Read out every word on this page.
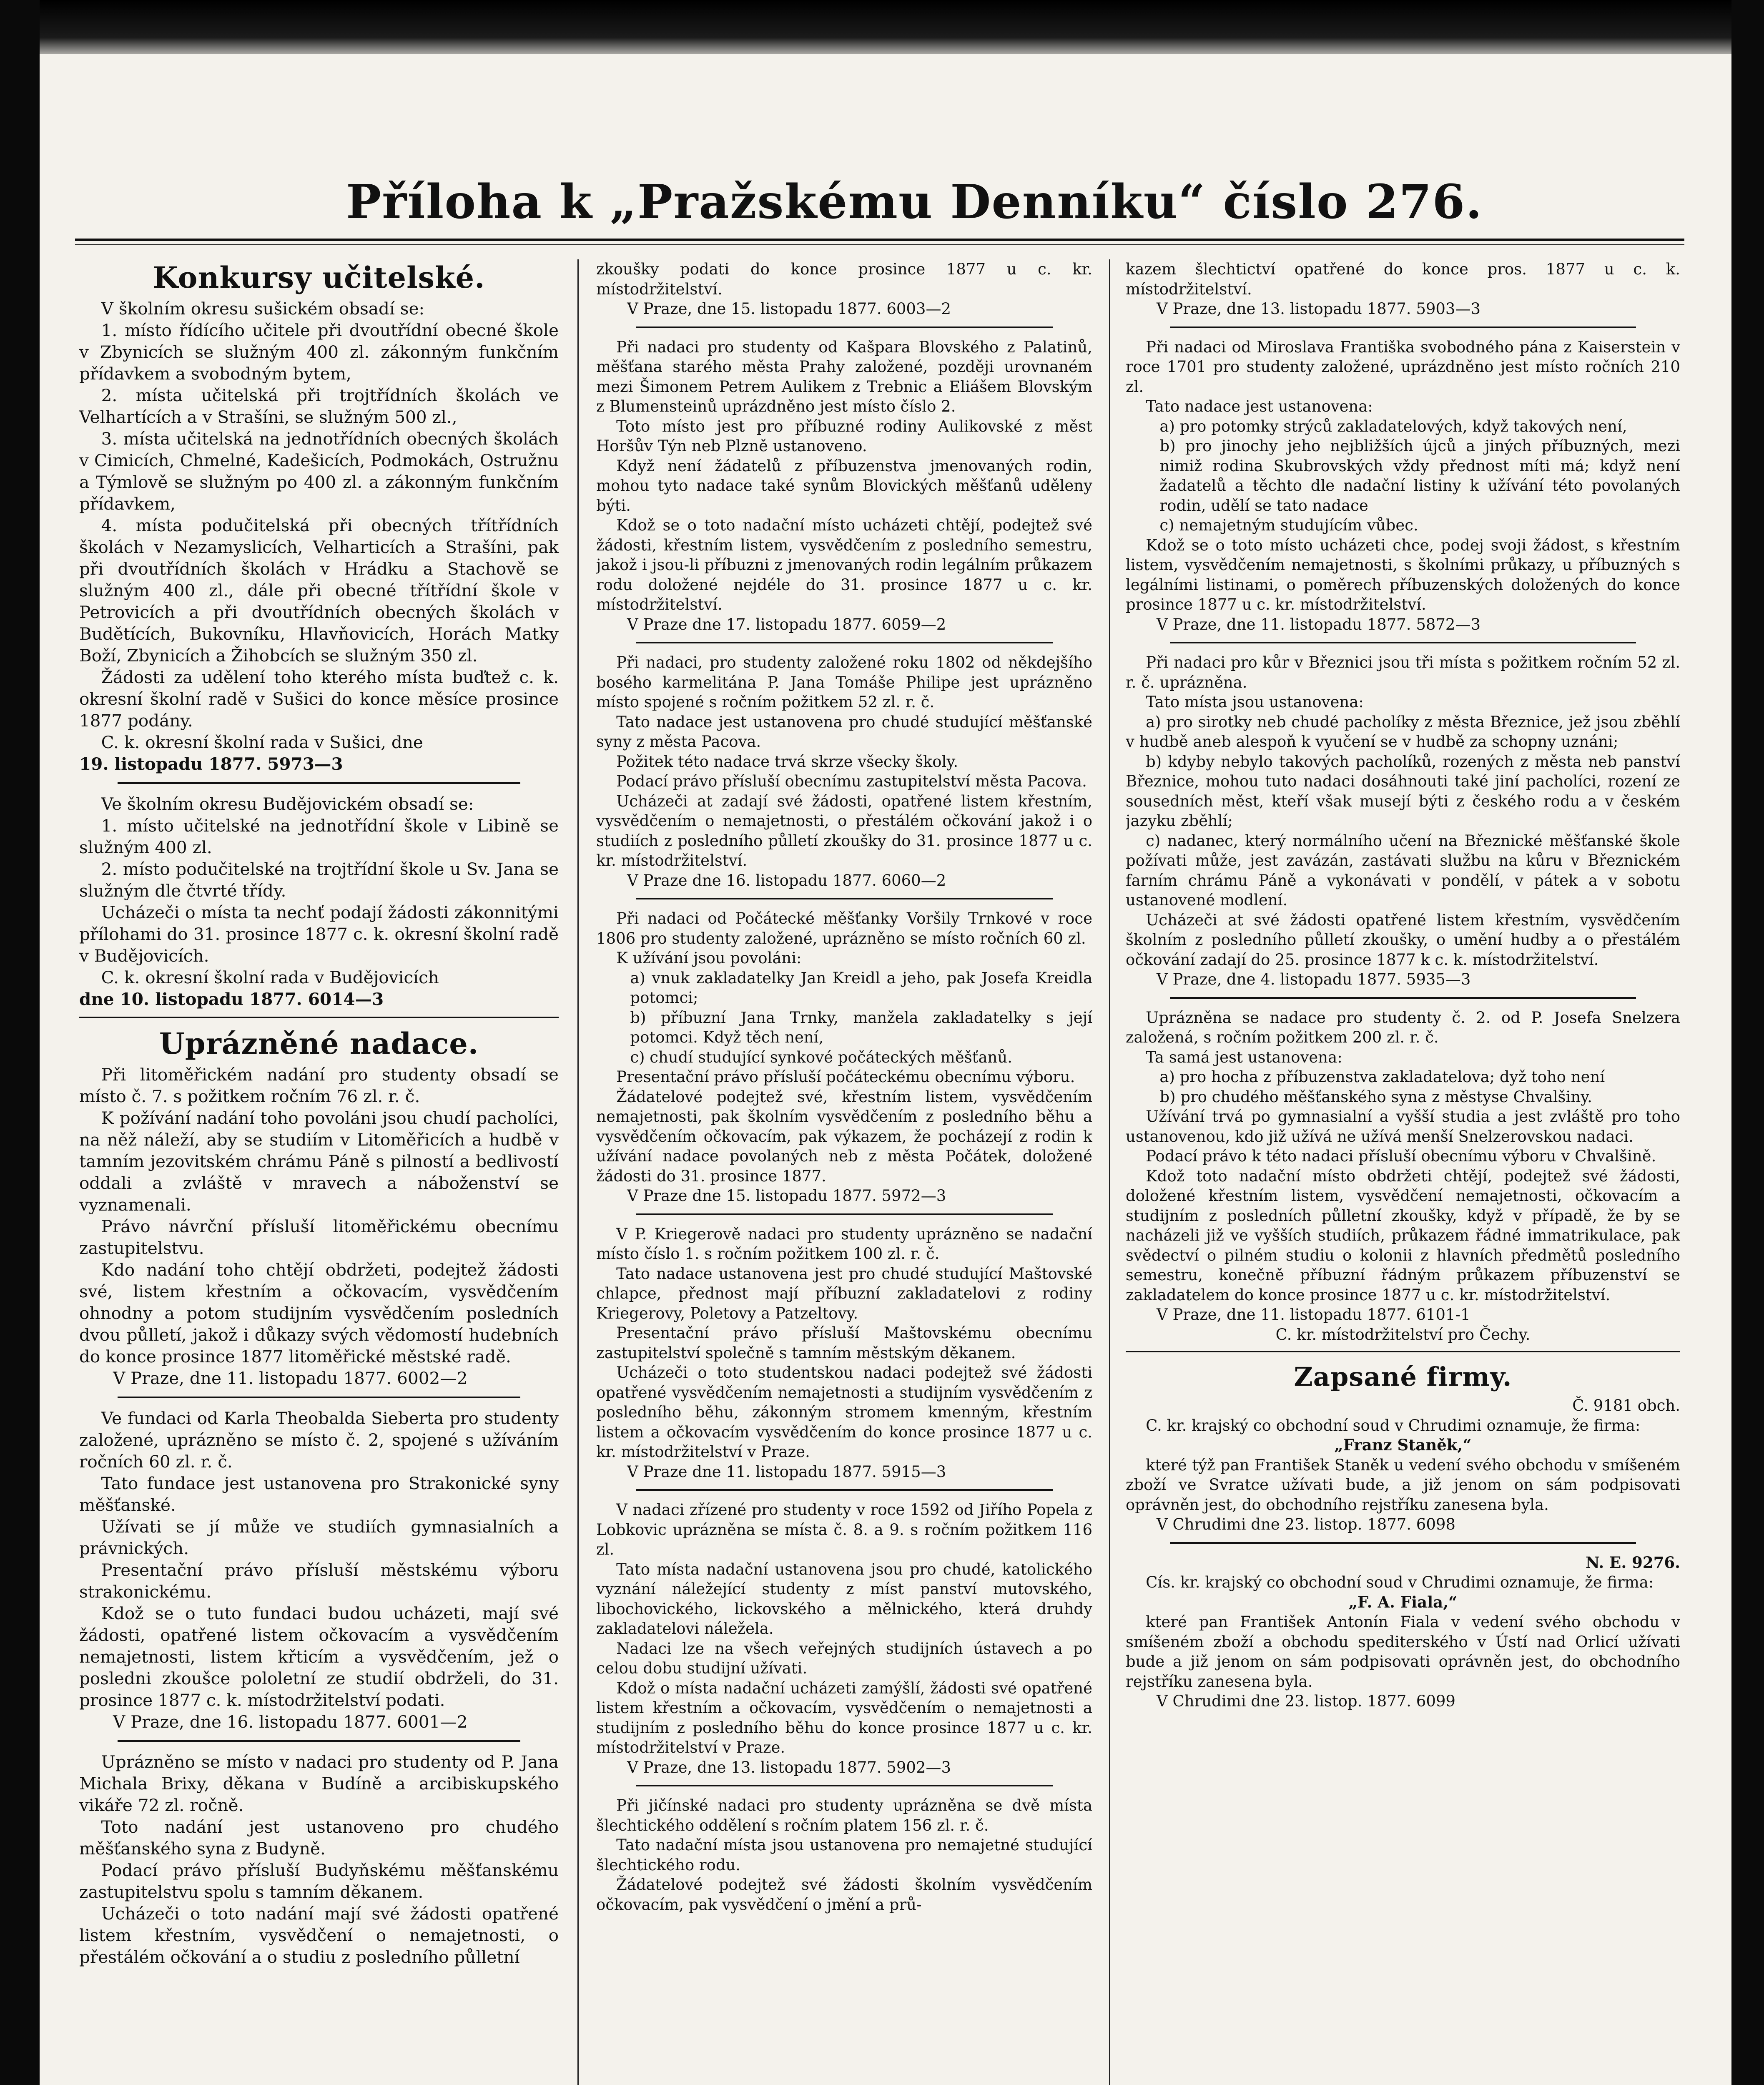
Příloha k „Pražskému Denníku“ číslo 276.
Konkursy učitelské.

V školním okresu sušickém obsadí se:

1. místo řídícího učitele při dvoutřídní obecné škole v Zbynicích se služným 400 zl. zákonným funkčním přídavkem a svobodným bytem,

2. místa učitelská při trojtřídních školách ve Velhartících a v Strašíni, se služným 500 zl.,

3. místa učitelská na jednotřídních obecných školách v Cimicích, Chmelné, Kadešicích, Podmokách, Ostružnu a Týmlově se služným po 400 zl. a zákonným funkčním přídavkem,

4. místa podučitelská při obecných třítřídních školách v Nezamyslicích, Velharticích a Strašíni, pak při dvoutřídních školách v Hrádku a Stachově se služným 400 zl., dále při obecné třítřídní škole v Petrovicích a při dvoutřídních obecných školách v Budětících, Bukovníku, Hlavňovicích, Horách Matky Boží, Zbynicích a Žihobcích se služným 350 zl.

Žádosti za udělení toho kterého místa buďtež c. k. okresní školní radě v Sušici do konce měsíce prosince 1877 podány.

C. k. okresní školní rada v Sušici, dne

19. listopadu 1877. 5973—3

Ve školním okresu Budějovickém obsadí se:

1. místo učitelské na jednotřídní škole v Libině se služným 400 zl.

2. místo podučitelské na trojtřídní škole u Sv. Jana se služným dle čtvrté třídy.

Ucházeči o místa ta nechť podají žádosti zákonnitými přílohami do 31. prosince 1877 c. k. okresní školní radě v Budějovicích.

C. k. okresní školní rada v Budějovicích

dne 10. listopadu 1877. 6014—3

Uprázněné nadace.

Při litoměřickém nadání pro studenty obsadí se místo č. 7. s požitkem ročním 76 zl. r. č.

K požívání nadání toho povoláni jsou chudí pacholíci, na něž náleží, aby se studiím v Litoměřicích a hudbě v tamním jezovitském chrámu Páně s pilností a bedlivostí oddali a zvláště v mravech a náboženství se vyznamenali.

Právo návrční přísluší litoměřickému obecnímu zastupitelstvu.

Kdo nadání toho chtějí obdržeti, podejtež žádosti své, listem křestním a očkovacím, vysvědčením ohnodny a potom studijním vysvědčením posledních dvou půlletí, jakož i důkazy svých vědomostí hudebních do konce prosince 1877 litoměřické městské radě.

V Praze, dne 11. listopadu 1877. 6002—2

Ve fundaci od Karla Theobalda Sieberta pro studenty založené, uprázněno se místo č. 2, spojené s užíváním ročních 60 zl. r. č.

Tato fundace jest ustanovena pro Strakonické syny měšťanské.

Užívati se jí může ve studiích gymnasialních a právnických.

Presentační právo přísluší městskému výboru strakonickému.

Kdož se o tuto fundaci budou ucházeti, mají své žádosti, opatřené listem očkovacím a vysvědčením nemajetnosti, listem křticím a vysvědčením, jež o posledni zkoušce pololetní ze studií obdrželi, do 31. prosince 1877 c. k. místodržitelství podati.

V Praze, dne 16. listopadu 1877. 6001—2

Uprázněno se místo v nadaci pro studenty od P. Jana Michala Brixy, děkana v Budíně a arcibiskupského vikáře 72 zl. ročně.

Toto nadání jest ustanoveno pro chudého měšťanského syna z Budyně.

Podací právo přísluší Budyňskému měšťanskému zastupitelstvu spolu s tamním děkanem.

Ucházeči o toto nadání mají své žádosti opatřené listem křestním, vysvědčení o nemajetnosti, o přestálém očkování a o studiu z posledního půlletní

zkoušky podati do konce prosince 1877 u c. kr. místodržitelství.

V Praze, dne 15. listopadu 1877. 6003—2

Při nadaci pro studenty od Kašpara Blovského z Palatinů, měšťana starého města Prahy založené, později urovnaném mezi Šimonem Petrem Aulikem z Trebnic a Eliášem Blovským z Blumensteinů uprázdněno jest místo číslo 2.

Toto místo jest pro příbuzné rodiny Aulikovské z měst Horšův Týn neb Plzně ustanoveno.

Když není žádatelů z příbuzenstva jmenovaných rodin, mohou tyto nadace také synům Blovických měšťanů uděleny býti.

Kdož se o toto nadační místo ucházeti chtějí, podejtež své žádosti, křestním listem, vysvědčením z posledního semestru, jakož i jsou-li příbuzni z jmenovaných rodin legálním průkazem rodu doložené nejdéle do 31. prosince 1877 u c. kr. místodržitelství.

V Praze dne 17. listopadu 1877. 6059—2

Při nadaci, pro studenty založené roku 1802 od někdejšího bosého karmelitána P. Jana Tomáše Philipe jest uprázněno místo spojené s ročním požitkem 52 zl. r. č.

Tato nadace jest ustanovena pro chudé studující měšťanské syny z města Pacova.

Požitek této nadace trvá skrze všecky školy.

Podací právo přísluší obecnímu zastupitelství města Pacova.

Ucházeči at zadají své žádosti, opatřené listem křestním, vysvědčením o nemajetnosti, o přestálém očkování jakož i o studiích z posledního půlletí zkoušky do 31. prosince 1877 u c. kr. místodržitelství.

V Praze dne 16. listopadu 1877. 6060—2

Při nadaci od Počátecké měšťanky Voršily Trnkové v roce 1806 pro studenty založené, uprázněno se místo ročních 60 zl.

K užívání jsou povoláni:

a) vnuk zakladatelky Jan Kreidl a jeho, pak Josefa Kreidla potomci;

b) příbuzní Jana Trnky, manžela zakladatelky s její potomci. Když těch není,

c) chudí studující synkové počáteckých měšťanů.

Presentační právo přísluší počáteckému obecnímu výboru.

Žádatelové podejtež své, křestním listem, vysvědčením nemajetnosti, pak školním vysvědčením z posledního běhu a vysvědčením očkovacím, pak výkazem, že pocházejí z rodin k užívání nadace povolaných neb z města Počátek, doložené žádosti do 31. prosince 1877.

V Praze dne 15. listopadu 1877. 5972—3

V P. Kriegerově nadaci pro studenty uprázněno se nadační místo číslo 1. s ročním požitkem 100 zl. r. č.

Tato nadace ustanovena jest pro chudé studující Maštovské chlapce, přednost mají příbuzní zakladatelovi z rodiny Kriegerovy, Poletovy a Patzeltovy.

Presentační právo přísluší Maštovskému obecnímu zastupitelství společně s tamním městským děkanem.

Ucházeči o toto studentskou nadaci podejtež své žádosti opatřené vysvědčením nemajetnosti a studijním vysvědčením z posledního běhu, zákonným stromem kmenným, křestním listem a očkovacím vysvědčením do konce prosince 1877 u c. kr. místodržitelství v Praze.

V Praze dne 11. listopadu 1877. 5915—3

V nadaci zřízené pro studenty v roce 1592 od Jiřího Popela z Lobkovic uprázněna se místa č. 8. a 9. s ročním požitkem 116 zl.

Tato místa nadační ustanovena jsou pro chudé, katolického vyznání náležející studenty z míst panství mutovského, libochovického, lickovského a mělnického, která druhdy zakladatelovi náležela.

Nadaci lze na všech veřejných studijních ústavech a po celou dobu studijní užívati.

Kdož o místa nadační ucházeti zamýšlí, žádosti své opatřené listem křestním a očkovacím, vysvědčením o nemajetnosti a studijním z posledního běhu do konce prosince 1877 u c. kr. místodržitelství v Praze.

V Praze, dne 13. listopadu 1877. 5902—3

Při jičínské nadaci pro studenty uprázněna se dvě místa šlechtického oddělení s ročním platem 156 zl. r. č.

Tato nadační místa jsou ustanovena pro nemajetné studující šlechtického rodu.

Žádatelové podejtež své žádosti školním vysvědčením očkovacím, pak vysvědčení o jmění a prů-

kazem šlechtictví opatřené do konce pros. 1877 u c. k. místodržitelství.

V Praze, dne 13. listopadu 1877. 5903—3

Při nadaci od Miroslava Františka svobodného pána z Kaiserstein v roce 1701 pro studenty založené, uprázdněno jest místo ročních 210 zl.

Tato nadace jest ustanovena:

a) pro potomky strýců zakladatelových, když takových není,

b) pro jinochy jeho nejbližších újců a jiných příbuzných, mezi nimiž rodina Skubrovských vždy přednost míti má; když není žadatelů a těchto dle nadační listiny k užívání této povolaných rodin, udělí se tato nadace

c) nemajetným studujícím vůbec.

Kdož se o toto místo ucházeti chce, podej svoji žádost, s křestním listem, vysvědčením nemajetnosti, s školními průkazy, u příbuzných s legálními listinami, o poměrech příbuzenských doložených do konce prosince 1877 u c. kr. místodržitelství.

V Praze, dne 11. listopadu 1877. 5872—3

Při nadaci pro kůr v Březnici jsou tři místa s požitkem ročním 52 zl. r. č. uprázněna.

Tato místa jsou ustanovena:

a) pro sirotky neb chudé pacholíky z města Březnice, jež jsou zběhlí v hudbě aneb alespoň k vyučení se v hudbě za schopny uznáni;

b) kdyby nebylo takových pacholíků, rozených z města neb panství Březnice, mohou tuto nadaci dosáhnouti také jiní pacholíci, rození ze sousedních měst, kteří však musejí býti z českého rodu a v českém jazyku zběhlí;

c) nadanec, který normálního učení na Březnické měšťanské škole požívati může, jest zavázán, zastávati službu na kůru v Březnickém farním chrámu Páně a vykonávati v pondělí, v pátek a v sobotu ustanovené modlení.

Ucházeči at své žádosti opatřené listem křestním, vysvědčením školním z posledního půlletí zkoušky, o umění hudby a o přestálém očkování zadají do 25. prosince 1877 k c. k. místodržitelství.

V Praze, dne 4. listopadu 1877. 5935—3

Uprázněna se nadace pro studenty č. 2. od P. Josefa Snelzera založená, s ročním požitkem 200 zl. r. č.

Ta samá jest ustanovena:

a) pro hocha z příbuzenstva zakladatelova; dyž toho není

b) pro chudého měšťanského syna z městyse Chvalšiny.

Užívání trvá po gymnasialní a vyšší studia a jest zvláště pro toho ustanovenou, kdo již užívá ne užívá menší Snelzerovskou nadaci.

Podací právo k této nadaci přísluší obecnímu výboru v Chvalšině.

Kdož toto nadační místo obdržeti chtějí, podejtež své žádosti, doložené křestním listem, vysvědčení nemajetnosti, očkovacím a studijním z posledních půlletní zkoušky, když v případě, že by se nacházeli již ve vyšších studiích, průkazem řádné immatrikulace, pak svědectví o pilném studiu o kolonii z hlavních předmětů posledního semestru, konečně příbuzní řádným průkazem příbuzenství se zakladatelem do konce prosince 1877 u c. kr. místodržitelství.

V Praze, dne 11. listopadu 1877. 6101-1

C. kr. místodržitelství pro Čechy.

Zapsané firmy.

Č. 9181 obch.

C. kr. krajský co obchodní soud v Chrudimi oznamuje, že firma:

„Franz Staněk,“

které týž pan František Staněk u vedení svého obchodu v smíšeném zboží ve Svratce užívati bude, a již jenom on sám podpisovati oprávněn jest, do obchodního rejstříku zanesena byla.

V Chrudimi dne 23. listop. 1877. 6098

N. E. 9276.

Cís. kr. krajský co obchodní soud v Chrudimi oznamuje, že firma:

„F. A. Fiala,“

které pan František Antonín Fiala v vedení svého obchodu v smíšeném zboží a obchodu spediterského v Ústí nad Orlicí užívati bude a již jenom on sám podpisovati oprávněn jest, do obchodního rejstříku zanesena byla.

V Chrudimi dne 23. listop. 1877. 6099
